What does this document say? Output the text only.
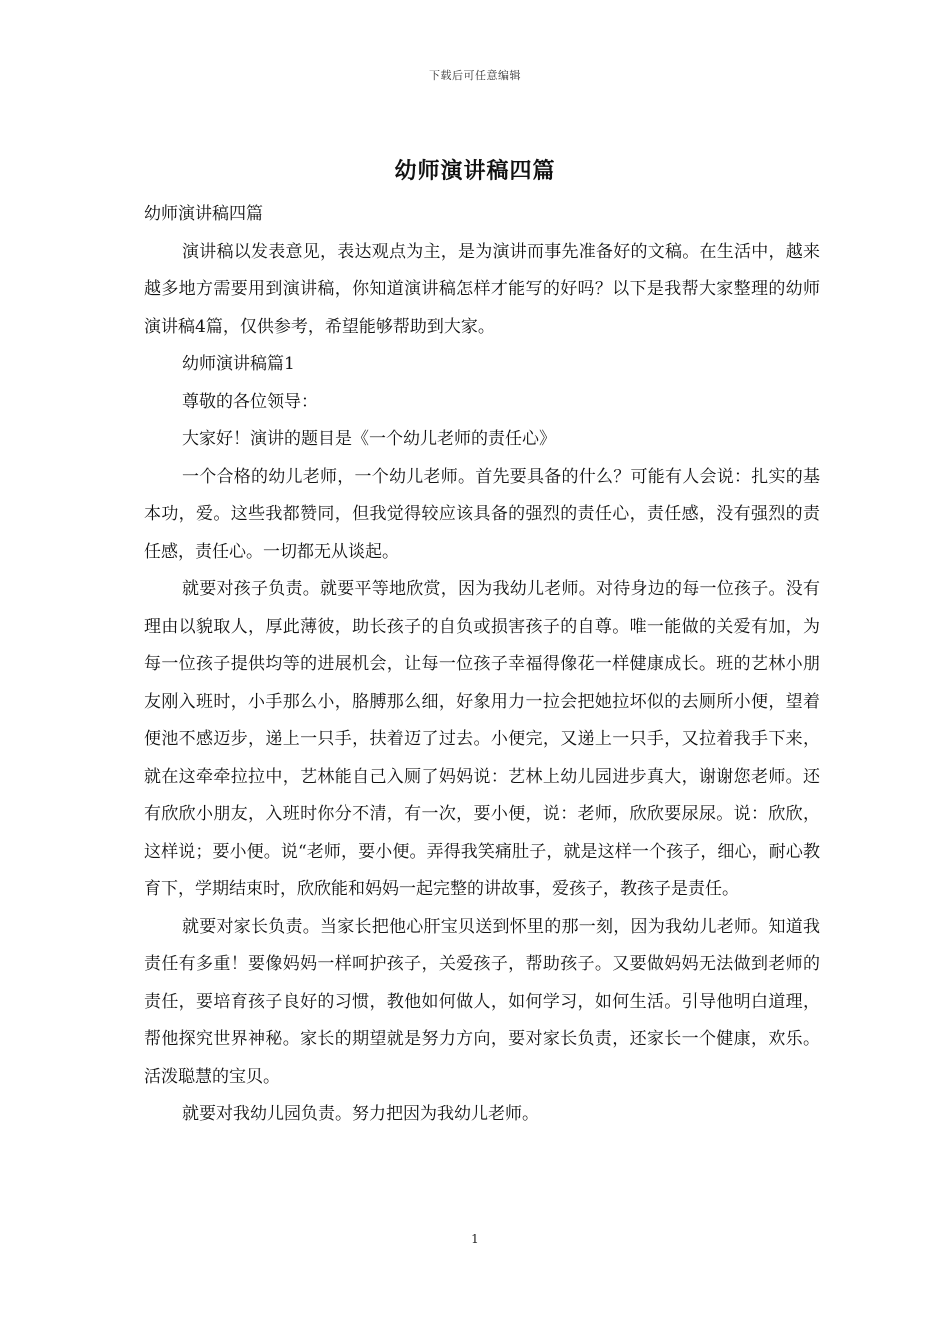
下载后可任意编辑
幼师演讲稿四篇

幼师演讲稿四篇

演讲稿以发表意见，表达观点为主，是为演讲而事先准备好的文稿。在生活中，越来越多地方需要用到演讲稿，你知道演讲稿怎样才能写的好吗？以下是我帮大家整理的幼师演讲稿4篇，仅供参考，希望能够帮助到大家。

幼师演讲稿篇1

尊敬的各位领导：

大家好！演讲的题目是《一个幼儿老师的责任心》

一个合格的幼儿老师，一个幼儿老师。首先要具备的什么？可能有人会说：扎实的基本功，爱。这些我都赞同，但我觉得较应该具备的强烈的责任心，责任感，没有强烈的责任感，责任心。一切都无从谈起。

就要对孩子负责。就要平等地欣赏，因为我幼儿老师。对待身边的每一位孩子。没有理由以貌取人，厚此薄彼，助长孩子的自负或损害孩子的自尊。唯一能做的关爱有加，为每一位孩子提供均等的进展机会，让每一位孩子幸福得像花一样健康成长。班的艺林小朋友刚入班时，小手那么小，胳膊那么细，好象用力一拉会把她拉坏似的去厕所小便，望着便池不感迈步，递上一只手，扶着迈了过去。小便完，又递上一只手，又拉着我手下来，就在这牵牵拉拉中，艺林能自己入厕了妈妈说：艺林上幼儿园进步真大，谢谢您老师。还有欣欣小朋友，入班时你分不清，有一次，要小便，说：老师，欣欣要尿尿。说：欣欣，这样说；要小便。说“老师，要小便。弄得我笑痛肚子，就是这样一个孩子，细心，耐心教育下，学期结束时，欣欣能和妈妈一起完整的讲故事，爱孩子，教孩子是责任。

就要对家长负责。当家长把他心肝宝贝送到怀里的那一刻，因为我幼儿老师。知道我责任有多重！要像妈妈一样呵护孩子，关爱孩子，帮助孩子。又要做妈妈无法做到老师的责任，要培育孩子良好的习惯，教他如何做人，如何学习，如何生活。引导他明白道理，帮他探究世界神秘。家长的期望就是努力方向，要对家长负责，还家长一个健康，欢乐。活泼聪慧的宝贝。

就要对我幼儿园负责。努力把因为我幼儿老师。

1
